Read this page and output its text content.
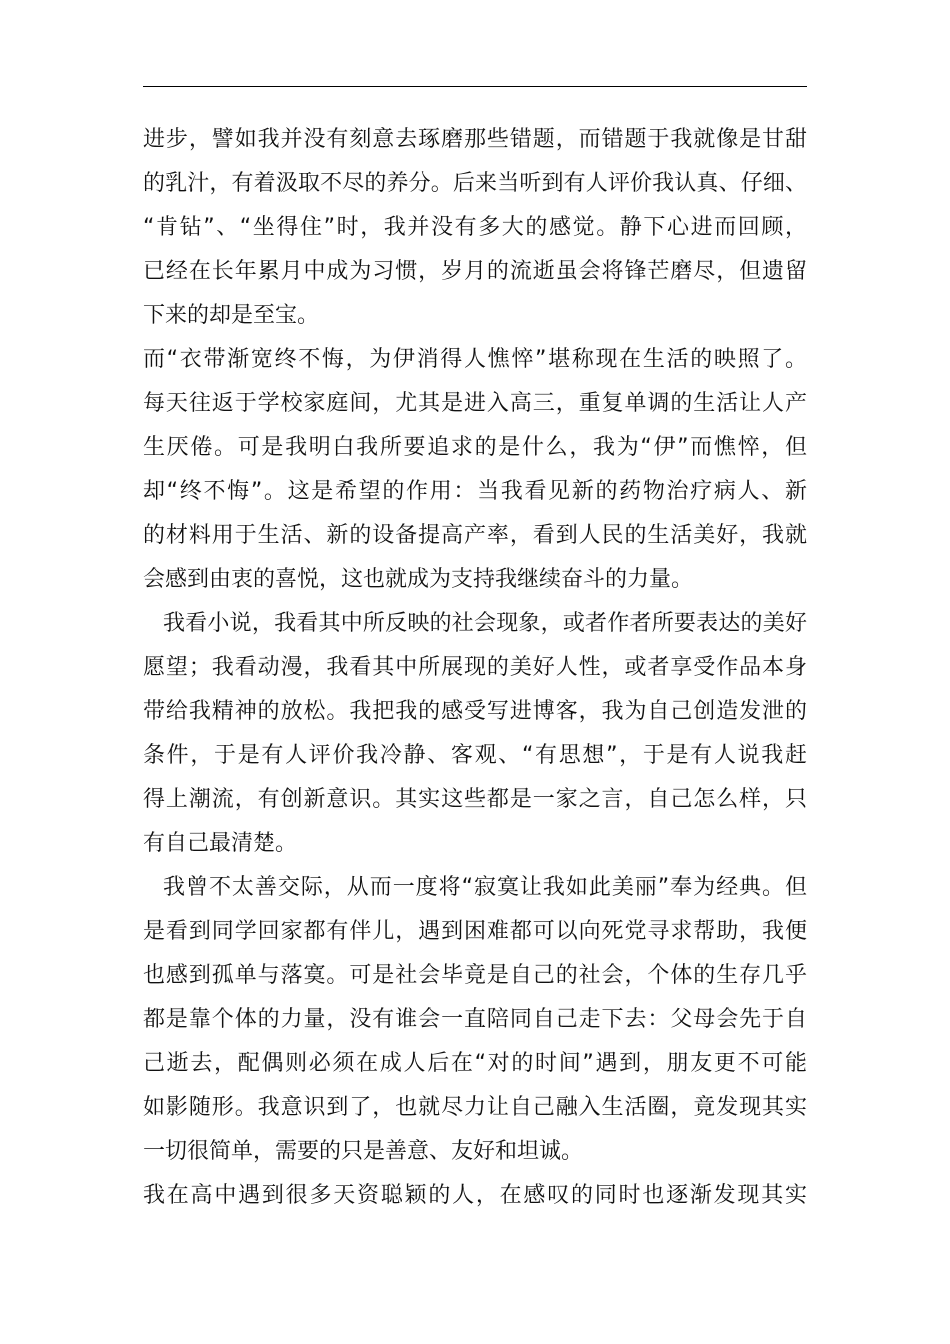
进步，譬如我并没有刻意去琢磨那些错题，而错题于我就像是甘甜
的乳汁，有着汲取不尽的养分。后来当听到有人评价我认真、仔细、
“肯钻”、“坐得住”时，我并没有多大的感觉。静下心进而回顾，
已经在长年累月中成为习惯，岁月的流逝虽会将锋芒磨尽，但遗留
下来的却是至宝。
而“衣带渐宽终不悔，为伊消得人憔悴”堪称现在生活的映照了。
每天往返于学校家庭间，尤其是进入高三，重复单调的生活让人产
生厌倦。可是我明白我所要追求的是什么，我为“伊”而憔悴，但
却“终不悔”。这是希望的作用：当我看见新的药物治疗病人、新
的材料用于生活、新的设备提高产率，看到人民的生活美好，我就
会感到由衷的喜悦，这也就成为支持我继续奋斗的力量。
我看小说，我看其中所反映的社会现象，或者作者所要表达的美好
愿望；我看动漫，我看其中所展现的美好人性，或者享受作品本身
带给我精神的放松。我把我的感受写进博客，我为自己创造发泄的
条件，于是有人评价我冷静、客观、“有思想”，于是有人说我赶
得上潮流，有创新意识。其实这些都是一家之言，自己怎么样，只
有自己最清楚。
我曾不太善交际，从而一度将“寂寞让我如此美丽”奉为经典。但
是看到同学回家都有伴儿，遇到困难都可以向死党寻求帮助，我便
也感到孤单与落寞。可是社会毕竟是自己的社会，个体的生存几乎
都是靠个体的力量，没有谁会一直陪同自己走下去：父母会先于自
己逝去，配偶则必须在成人后在“对的时间”遇到，朋友更不可能
如影随形。我意识到了，也就尽力让自己融入生活圈，竟发现其实
一切很简单，需要的只是善意、友好和坦诚。
我在高中遇到很多天资聪颖的人，在感叹的同时也逐渐发现其实
